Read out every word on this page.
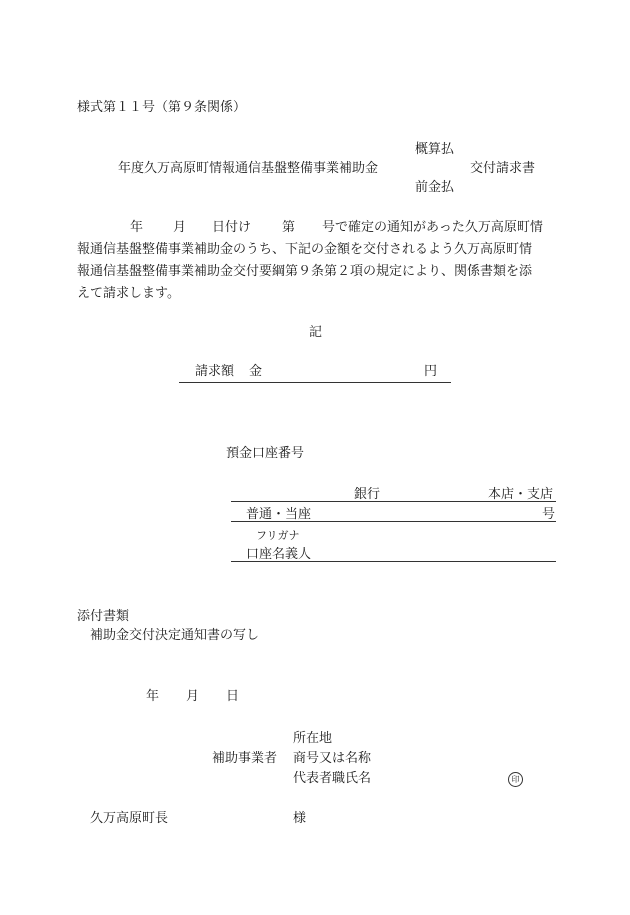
様式第１１号（第９条関係）
概算払
年度久万高原町情報通信基盤整備事業補助金	交付請求書
前金払
年 月 日付け 第 号で確定の通知があった久万高原町情
報通信基盤整備事業補助金のうち、下記の金額を交付されるよう久万高原町情
報通信基盤整備事業補助金交付要綱第９条第２項の規定により、関係書類を添
えて請求します。
記
請求額 金	円
預金口座番号
銀行	本店・支店
普通・当座	号
フリガナ
口座名義人
添付書類
補助金交付決定通知書の写し
年 月 日
所在地
補助事業者 商号又は名称
代表者職氏名	印
久万高原町長	様
